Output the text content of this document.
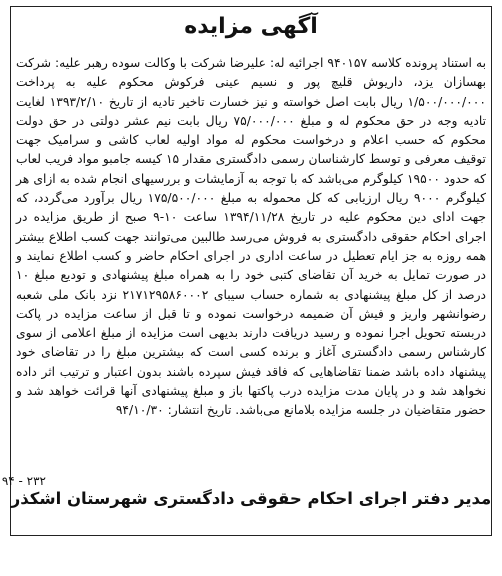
آگهی مزایده

به استناد پرونده کلاسه ۹۴۰۱۵۷ اجرائیه له: علیرضا شرکت با وکالت سوده رهبر علیه: شرکت بهسازان یزد، داریوش قلیچ پور و نسیم عینی فرکوش محکوم علیه به پرداخت ۱/۵۰۰/۰۰۰/۰۰۰ ریال بابت اصل خواسته و نیز خسارت تاخیر تادیه از تاریخ ۱۳۹۳/۲/۱۰ لغایت تادیه وجه در حق محکوم له و مبلغ ۷۵/۰۰۰/۰۰۰ ریال بابت نیم عشر دولتی در حق دولت محکوم که حسب اعلام و درخواست محکوم له مواد اولیه لعاب کاشی و سرامیک جهت توقیف معرفی و توسط کارشناسان رسمی دادگستری مقدار ۱۵ کیسه جامبو مواد فریب لعاب که حدود ۱۹۵۰۰ کیلوگرم می‌باشد که با توجه به آزمایشات و بررسیهای انجام شده به ازای هر کیلوگرم ۹۰۰۰ ریال ارزیابی که کل محموله به مبلغ ۱۷۵/۵۰۰/۰۰۰ ریال برآورد می‌گردد، که جهت ادای دین محکوم علیه در تاریخ ۱۳۹۴/۱۱/۲۸ ساعت ۱۰-۹ صبح از طریق مزایده در اجرای احکام حقوقی دادگستری به فروش می‌رسد طالبین می‌توانند جهت کسب اطلاع بیشتر همه روزه به جز ایام تعطیل در ساعت اداری در اجرای احکام حاضر و کسب اطلاع نمایند و در صورت تمایل به خرید آن تقاضای کتبی خود را به همراه مبلغ پیشنهادی و تودیع مبلغ ۱۰ درصد از کل مبلغ پیشنهادی به شماره حساب سیبای ۲۱۷۱۲۹۵۸۶۰۰۰۲ نزد بانک ملی شعبه رضوانشهر واریز و فیش آن ضمیمه درخواست نموده و تا قبل از ساعت مزایده در پاکت دربسته تحویل اجرا نموده و رسید دریافت دارند بدیهی است مزایده از مبلغ اعلامی از سوی کارشناس رسمی دادگستری آغاز و برنده کسی است که بیشترین مبلغ را در تقاضای خود پیشنهاد داده باشد ضمنا تقاضاهایی که فاقد فیش سپرده باشند بدون اعتبار و ترتیب اثر داده نخواهد شد و در پایان مدت مزایده درب پاکتها باز و مبلغ پیشنهادی آنها قرائت خواهد شد و حضور متقاضیان در جلسه مزایده بلامانع می‌باشد. تاریخ انتشار: ۹۴/۱۰/۳۰

۹۴ - ۲۳۲
مدیر دفتر اجرای احکام حقوقی دادگستری شهرستان اشکذر
